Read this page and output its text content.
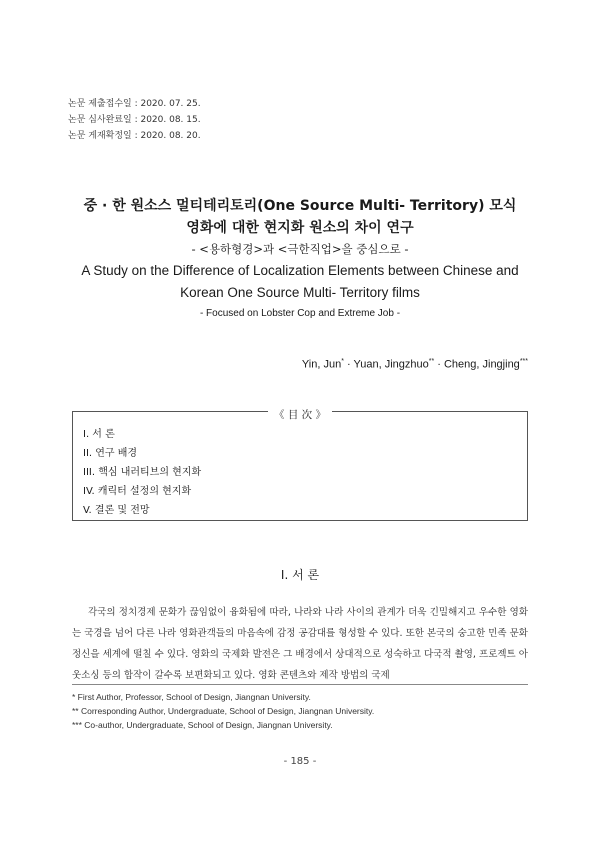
논문 제출접수일 : 2020. 07. 25.
논문 심사완료일 : 2020. 08. 15.
논문 게재확정일 : 2020. 08. 20.
중 · 한 원소스 멀티테리토리(One Source Multi- Territory) 모식
영화에 대한 현지화 원소의 차이 연구
- <용하형경>과 <극한직업>을 중심으로 -
A Study on the Difference of Localization Elements between Chinese and
Korean One Source Multi- Territory films
- Focused on Lobster Cop and Extreme Job -
Yin, Jun* · Yuan, Jingzhuo** · Cheng, Jingjing***
《 目 次 》
I. 서 론
II. 연구 배경
III. 핵심 내러티브의 현지화
IV. 캐릭터 설정의 현지화
V. 결론 및 전망
I. 서 론

각국의 정치경제 문화가 끊임없이 융화됨에 따라, 나라와 나라 사이의 관계가 더욱 긴밀해지고 우수한 영화는 국경을 넘어 다른 나라 영화관객들의 마음속에 감정 공감대를 형성할 수 있다. 또한 본국의 숭고한 민족 문화 정신을 세계에 떨칠 수 있다. 영화의 국제화 발전은 그 배경에서 상대적으로 성숙하고 다국적 촬영, 프로젝트 아웃소싱 등의 합작이 갈수록 보편화되고 있다. 영화 콘텐츠와 제작 방법의 국제

* First Author, Professor, School of Design, Jiangnan University.
** Corresponding Author, Undergraduate, School of Design, Jiangnan University.
*** Co-author, Undergraduate, School of Design, Jiangnan University.
- 185 -
